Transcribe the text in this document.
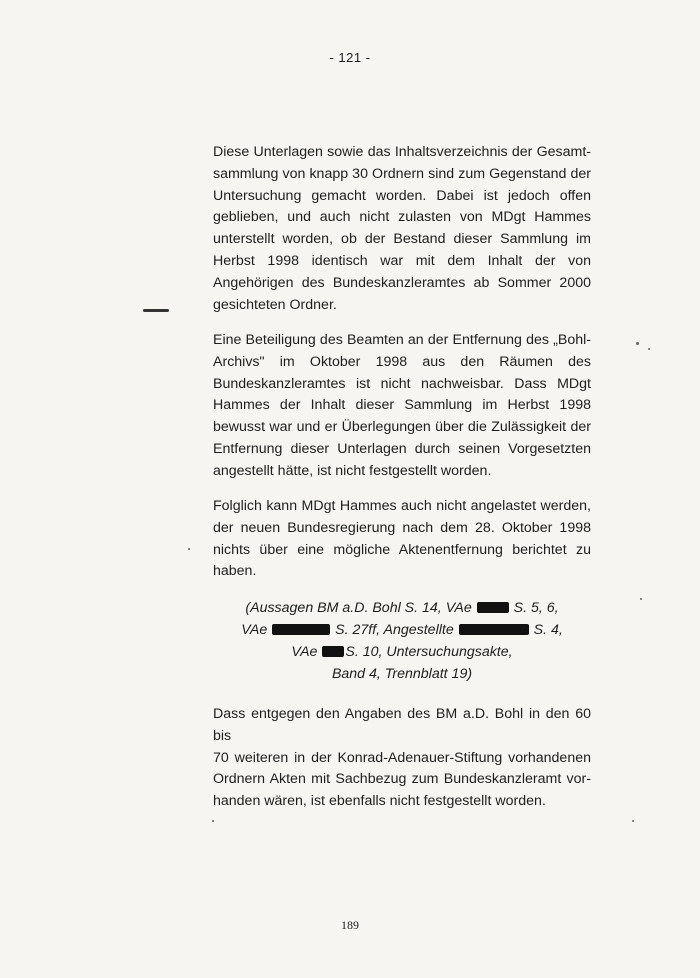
- 121 -
Diese Unterlagen sowie das Inhaltsverzeichnis der Gesamt-
sammlung von knapp 30 Ordnern sind zum Gegenstand der
Untersuchung gemacht worden. Dabei ist jedoch offen
geblieben, und auch nicht zulasten von MDgt Hammes
unterstellt worden, ob der Bestand dieser Sammlung im
Herbst 1998 identisch war mit dem Inhalt der von
Angehörigen des Bundeskanzleramtes ab Sommer 2000
gesichteten Ordner.
Eine Beteiligung des Beamten an der Entfernung des „Bohl-
Archivs" im Oktober 1998 aus den Räumen des
Bundeskanzleramtes ist nicht nachweisbar. Dass MDgt
Hammes der Inhalt dieser Sammlung im Herbst 1998
bewusst war und er Überlegungen über die Zulässigkeit der
Entfernung dieser Unterlagen durch seinen Vorgesetzten
angestellt hätte, ist nicht festgestellt worden.
Folglich kann MDgt Hammes auch nicht angelastet werden,
der neuen Bundesregierung nach dem 28. Oktober 1998
nichts über eine mögliche Aktenentfernung berichtet zu
haben.
(Aussagen BM a.D. Bohl S. 14, VAe	S. 5, 6,
VAe	S. 27ff, Angestellte	S. 4,
VAe S. 10, Untersuchungsakte,
Band 4, Trennblatt 19)
Dass entgegen den Angaben des BM a.D. Bohl in den 60 bis
70 weiteren in der Konrad-Adenauer-Stiftung vorhandenen
Ordnern Akten mit Sachbezug zum Bundeskanzleramt vor-
handen wären, ist ebenfalls nicht festgestellt worden.
189
